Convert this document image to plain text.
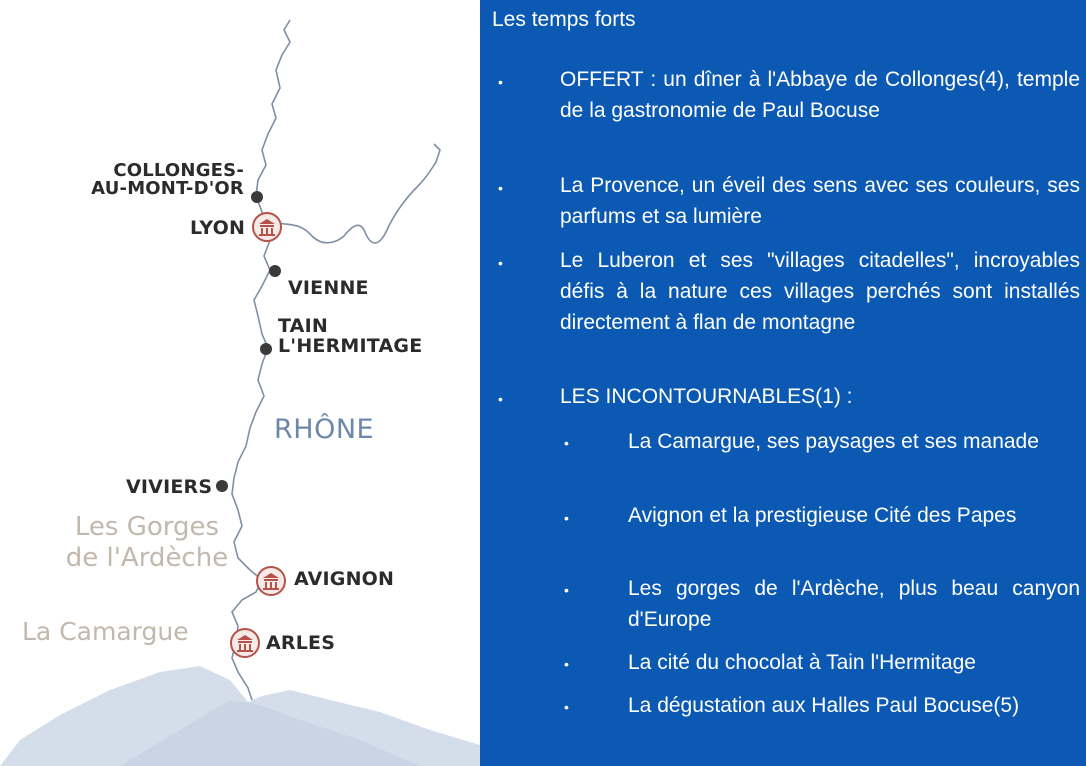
COLLONGES-
AU-MONT-D'OR
LYON
VIENNE
TAIN
L'HERMITAGE
VIVIERS
AVIGNON
ARLES
RHÔNE
Les Gorges
de l'Ardèche
La Camargue
Les temps forts
•	OFFERT : un dîner à l'Abbaye de Collonges(4), temple de la gastronomie de Paul Bocuse
•	La Provence, un éveil des sens avec ses couleurs, ses parfums et sa lumière
•	Le Luberon et ses "villages citadelles", incroyables défis à la nature ces villages perchés sont installés directement à flan de montagne
•	LES INCONTOURNABLES(1) :
•	La Camargue, ses paysages et ses manade
•	Avignon et la prestigieuse Cité des Papes
•	Les gorges de l'Ardèche, plus beau canyon d'Europe
•	La cité du chocolat à Tain l'Hermitage
•	La dégustation aux Halles Paul Bocuse(5)
